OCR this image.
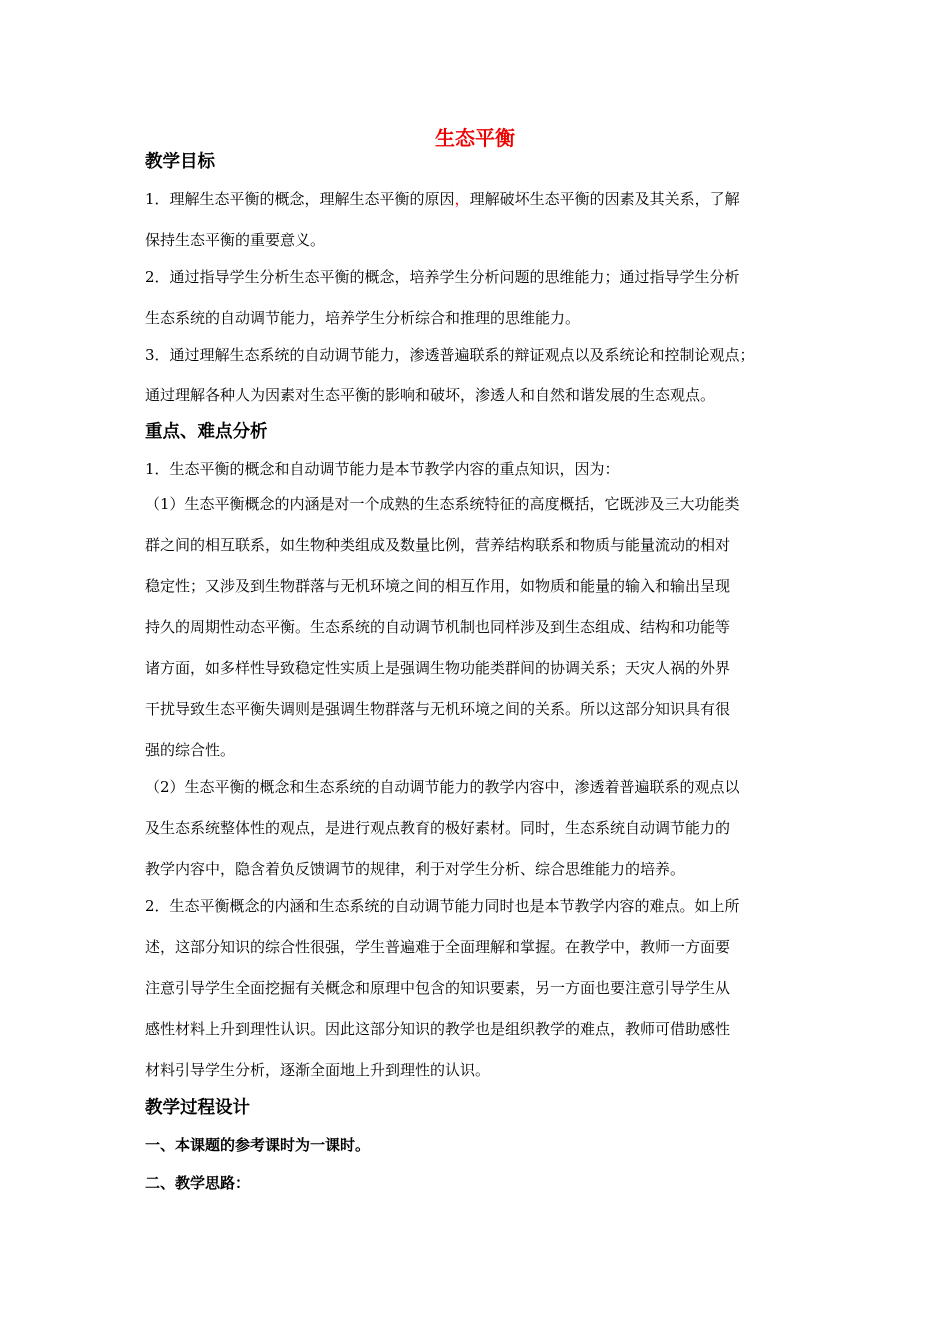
生态平衡
教学目标

1．理解生态平衡的概念，理解生态平衡的原因，理解破坏生态平衡的因素及其关系，了解

保持生态平衡的重要意义。

2．通过指导学生分析生态平衡的概念，培养学生分析问题的思维能力；通过指导学生分析

生态系统的自动调节能力，培养学生分析综合和推理的思维能力。

3．通过理解生态系统的自动调节能力，渗透普遍联系的辩证观点以及系统论和控制论观点；

通过理解各种人为因素对生态平衡的影响和破坏，渗透人和自然和谐发展的生态观点。

重点、难点分析

1．生态平衡的概念和自动调节能力是本节教学内容的重点知识，因为：

（1）生态平衡概念的内涵是对一个成熟的生态系统特征的高度概括，它既涉及三大功能类

群之间的相互联系，如生物种类组成及数量比例，营养结构联系和物质与能量流动的相对

稳定性；又涉及到生物群落与无机环境之间的相互作用，如物质和能量的输入和输出呈现

持久的周期性动态平衡。生态系统的自动调节机制也同样涉及到生态组成、结构和功能等

诸方面，如多样性导致稳定性实质上是强调生物功能类群间的协调关系；天灾人祸的外界

干扰导致生态平衡失调则是强调生物群落与无机环境之间的关系。所以这部分知识具有很

强的综合性。

（2）生态平衡的概念和生态系统的自动调节能力的教学内容中，渗透着普遍联系的观点以

及生态系统整体性的观点，是进行观点教育的极好素材。同时，生态系统自动调节能力的

教学内容中，隐含着负反馈调节的规律，利于对学生分析、综合思维能力的培养。

2．生态平衡概念的内涵和生态系统的自动调节能力同时也是本节教学内容的难点。如上所

述，这部分知识的综合性很强，学生普遍难于全面理解和掌握。在教学中，教师一方面要

注意引导学生全面挖掘有关概念和原理中包含的知识要素，另一方面也要注意引导学生从

感性材料上升到理性认识。因此这部分知识的教学也是组织教学的难点，教师可借助感性

材料引导学生分析，逐渐全面地上升到理性的认识。

教学过程设计

一、本课题的参考课时为一课时。

二、教学思路：
